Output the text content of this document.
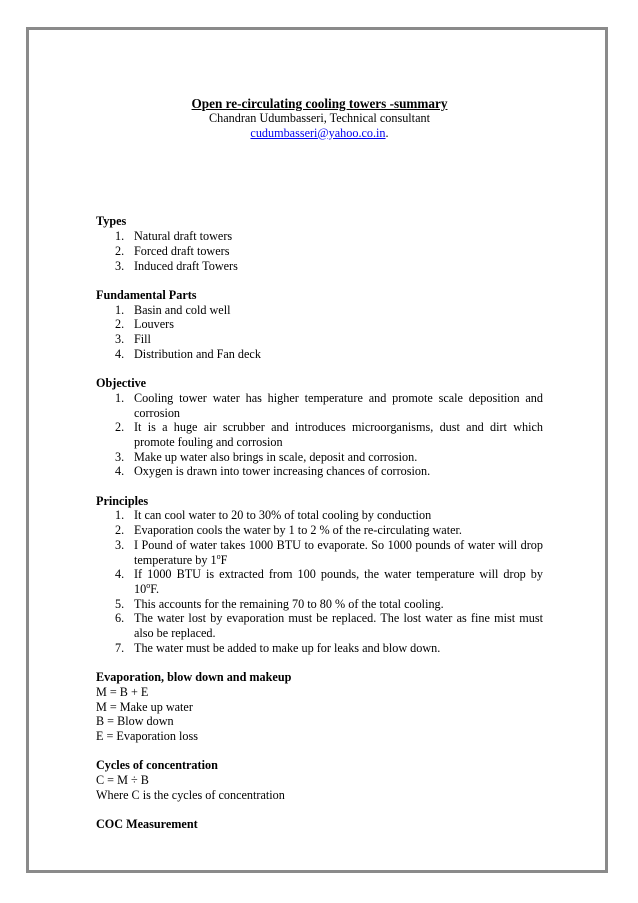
Open re-circulating cooling towers -summary

Chandran Udumbasseri, Technical consultant

cudumbasseri@yahoo.co.in.

Types

1. Natural draft towers
2. Forced draft towers
3. Induced draft Towers

Fundamental Parts

1. Basin and cold well
2. Louvers
3. Fill
4. Distribution and Fan deck

Objective

1. Cooling tower water has higher temperature and promote scale deposition and corrosion
2. It is a huge air scrubber and introduces microorganisms, dust and dirt which promote fouling and corrosion
3. Make up water also brings in scale, deposit and corrosion.
4. Oxygen is drawn into tower increasing chances of corrosion.

Principles

1. It can cool water to 20 to 30% of total cooling by conduction
2. Evaporation cools the water by 1 to 2 % of the re-circulating water.
3. I Pound of water takes 1000 BTU to evaporate. So 1000 pounds of water will drop temperature by 1$^o$F
4. If 1000 BTU is extracted from 100 pounds, the water temperature will drop by 10$^o$F.
5. This accounts for the remaining 70 to 80 % of the total cooling.
6. The water lost by evaporation must be replaced. The lost water as fine mist must also be replaced.
7. The water must be added to make up for leaks and blow down.

Evaporation, blow down and makeup

M = B + E

M = Make up water

B = Blow down

E = Evaporation loss

Cycles of concentration

C = M ÷ B

Where C is the cycles of concentration

COC Measurement
